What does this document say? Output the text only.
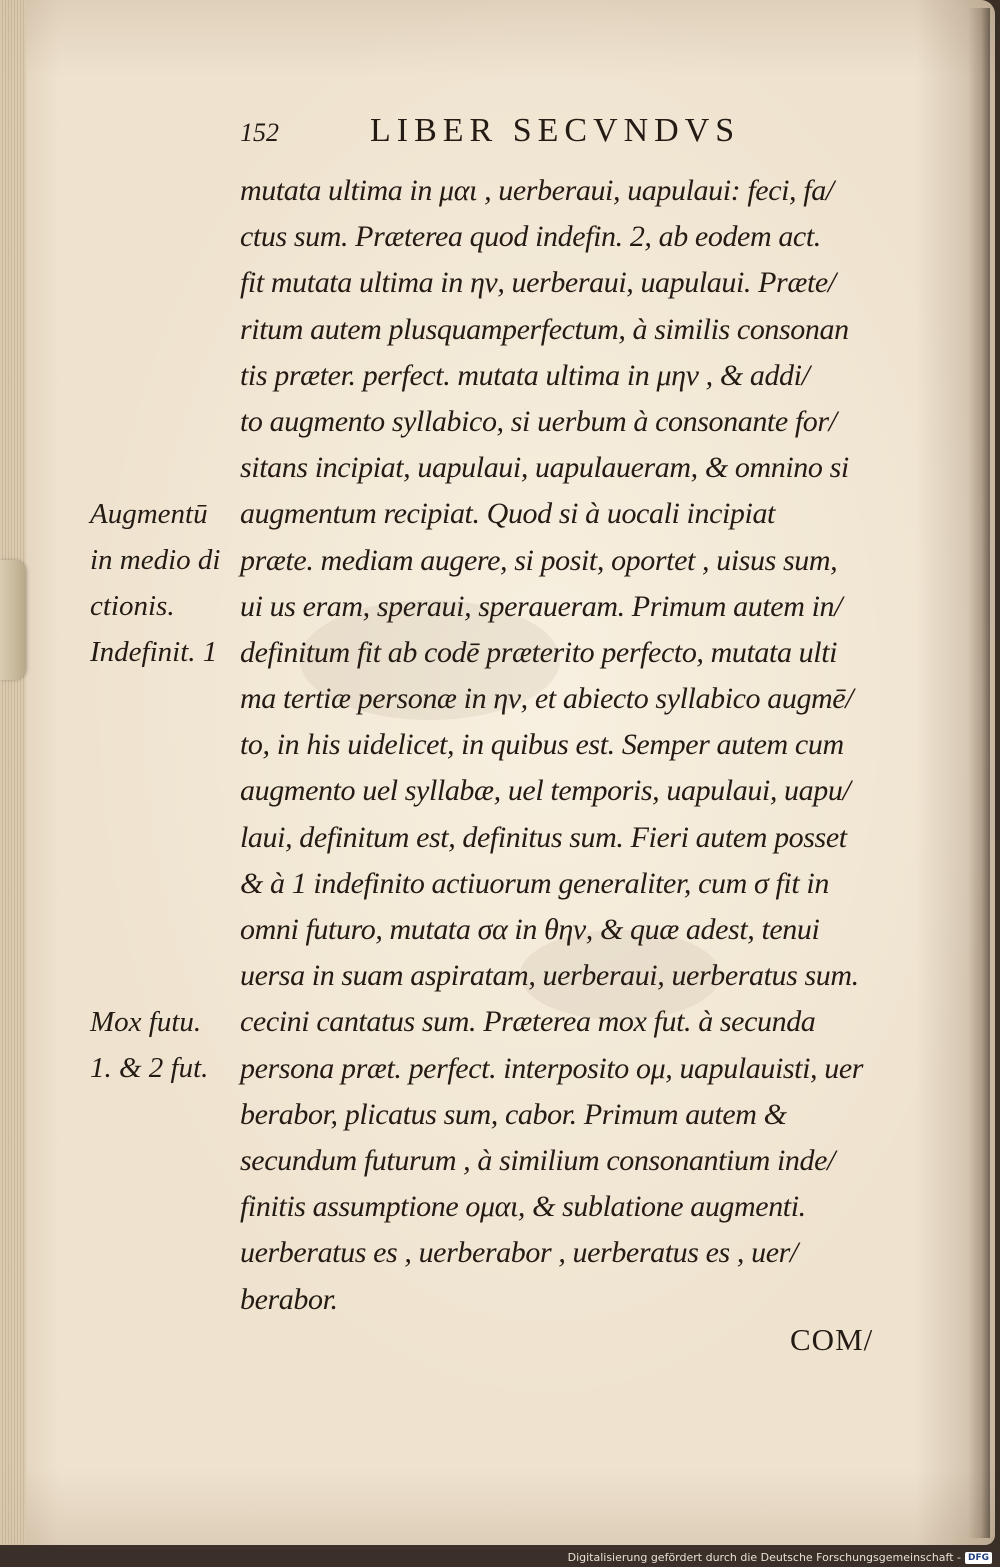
152	LIBER SECVNDVS
mutata ultima in μαι , uerberaui, uapulaui: feci, fa/
ctus sum. Præterea quod indefin. 2, ab eodem act.
fit mutata ultima in ην, uerberaui, uapulaui. Præte/
ritum autem plusquamperfectum, à similis consonan
tis præter. perfect. mutata ultima in μην , & addi/
to augmento syllabico, si uerbum à consonante for/
sitans incipiat, uapulaui, uapulaueram, & omnino si
augmentum recipiat. Quod si à uocali incipiat
præte. mediam augere, si posit, oportet , uisus sum,
ui us eram, speraui, speraueram. Primum autem in/
definitum fit ab codē præterito perfecto, mutata ulti
ma tertiæ personæ in ην, et abiecto syllabico augmē/
to, in his uidelicet, in quibus est. Semper autem cum
augmento uel syllabæ, uel temporis, uapulaui, uapu/
laui, definitum est, definitus sum. Fieri autem posset
& à 1 indefinito actiuorum generaliter, cum σ fit in
omni futuro, mutata σα in θην, & quæ adest, tenui
uersa in suam aspiratam, uerberaui, uerberatus sum.
cecini cantatus sum. Præterea mox fut. à secunda
persona præt. perfect. interposito ομ, uapulauisti, uer
berabor, plicatus sum, cabor. Primum autem &
secundum futurum , à similium consonantium inde/
finitis assumptione ομαι, & sublatione augmenti.
uerberatus es , uerberabor , uerberatus es , uer/
berabor.
Augmentū
in medio di
ctionis.
Indefinit. 1
Mox futu.
1. & 2 fut.
COM/
Digitalisierung gefördert durch die Deutsche Forschungsgemeinschaft - DFG
